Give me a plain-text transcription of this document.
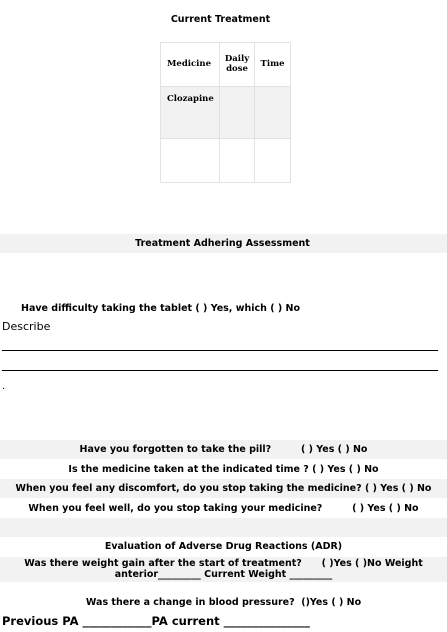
Current Treatment
Medicine	Daily dose	Time
Clozapine		

Treatment Adhering Assessment
Have difficulty taking the tablet ( ) Yes, which ( ) No
Describe
.
Have you forgotten to take the pill?	( ) Yes ( ) No
Is the medicine taken at the indicated time ? ( ) Yes ( ) No
When you feel any discomfort, do you stop taking the medicine? ( ) Yes ( ) No
When you feel well, do you stop taking your medicine?	( ) Yes ( ) No
Evaluation of Adverse Drug Reactions (ADR)
Was there weight gain after the start of treatment?      ( )Yes ( )No Weight
anterior_________ Current Weight _________
Was there a change in blood pressure?  ()Yes ( ) No
Previous PA ____________PA current _______________
